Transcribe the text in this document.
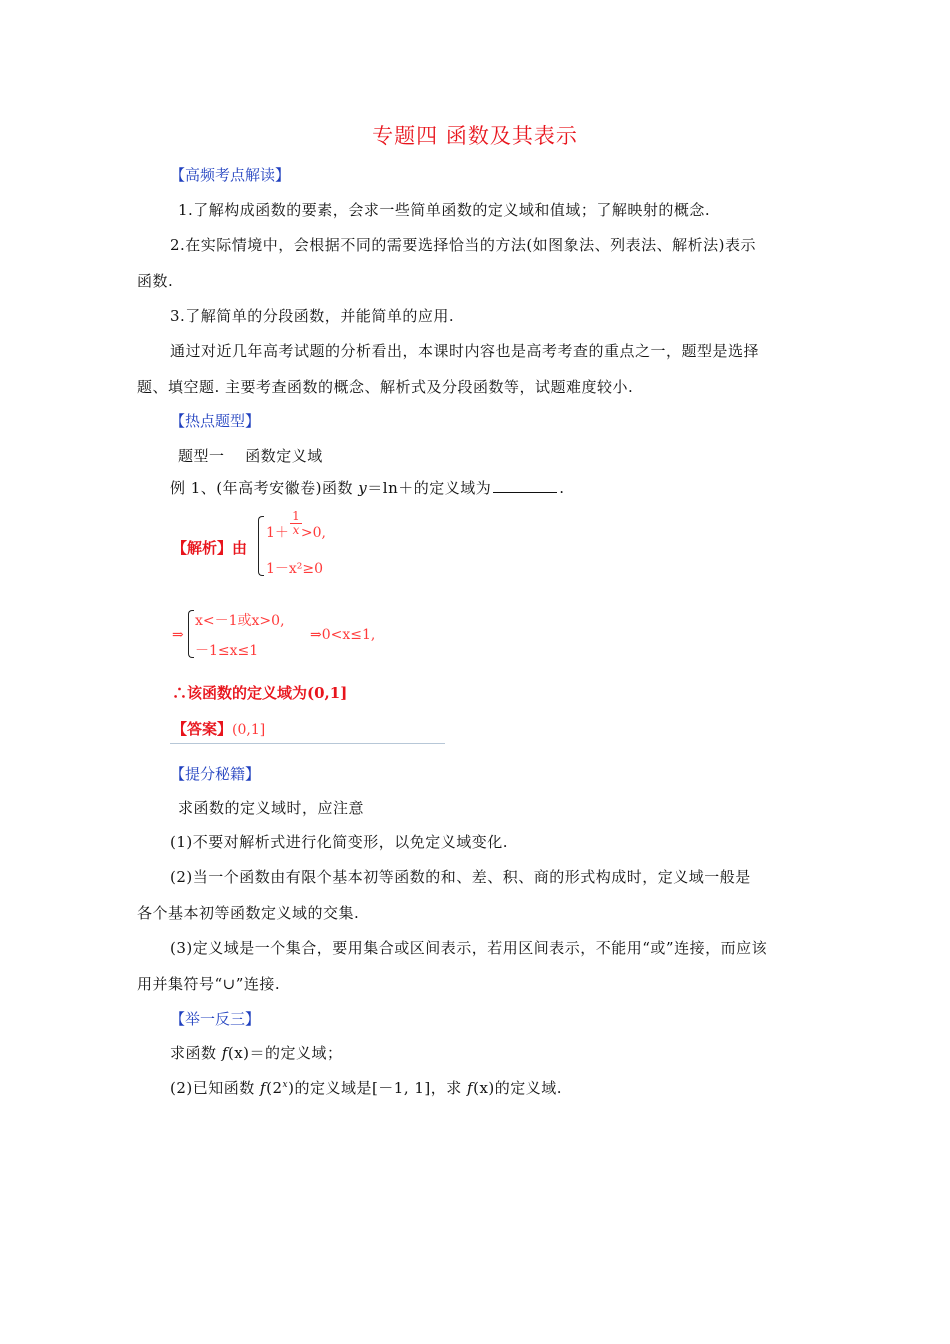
专题四 函数及其表示
【高频考点解读】
1.了解构成函数的要素，会求一些简单函数的定义域和值域；了解映射的概念.
2.在实际情境中，会根据不同的需要选择恰当的方法(如图象法、列表法、解析法)表示
函数.
3.了解简单的分段函数，并能简单的应用.
通过对近几年高考试题的分析看出，本课时内容也是高考考查的重点之一，题型是选择
题、填空题. 主要考查函数的概念、解析式及分段函数等，试题难度较小.
【热点题型】
题型一　 函数定义域
例 1、(年高考安徽卷)函数 y＝ln＋的定义域为	.
【解析】由
1＋ >0,
$\frac{1}{x}$
1－x²≥0
⇒
x<－1或x>0,
－1≤x≤1
⇒0<x≤1,
∴该函数的定义域为(0,1]
【答案】(0,1]
【提分秘籍】
求函数的定义域时，应注意
(1)不要对解析式进行化简变形，以免定义域变化.
(2)当一个函数由有限个基本初等函数的和、差、积、商的形式构成时，定义域一般是
各个基本初等函数定义域的交集.
(3)定义域是一个集合，要用集合或区间表示，若用区间表示，不能用“或”连接，而应该
用并集符号“∪”连接.
【举一反三】
求函数 f(x)＝的定义域；
(2)已知函数 f(2$^x$)的定义域是[－1, 1]，求 f(x)的定义域.
